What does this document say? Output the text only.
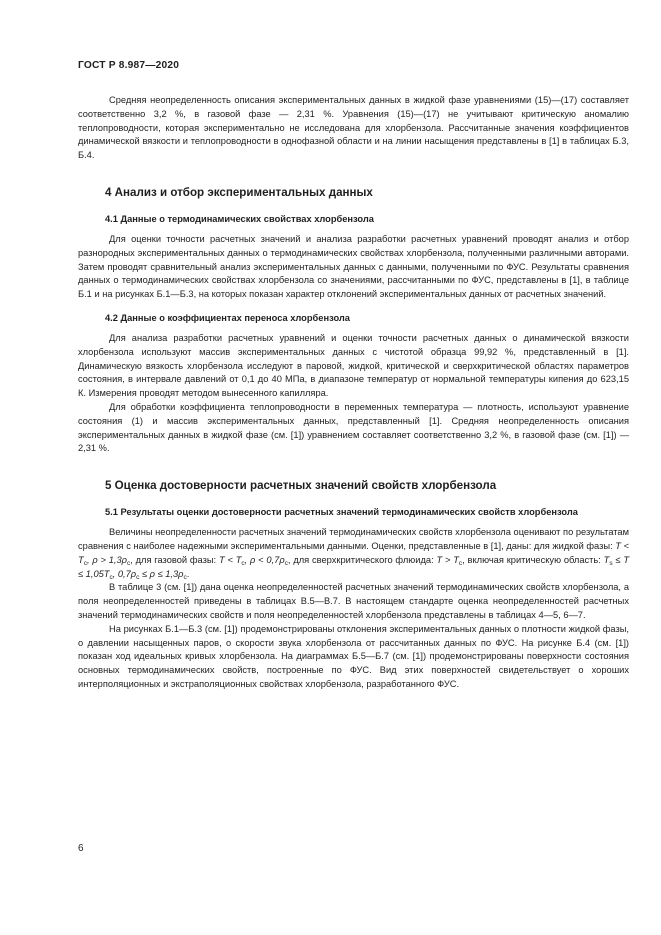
ГОСТ Р 8.987—2020

Средняя неопределенность описания экспериментальных данных в жидкой фазе уравнениями (15)—(17) составляет соответственно 3,2 %, в газовой фазе — 2,31 %. Уравнения (15)—(17) не учитывают критическую аномалию теплопроводности, которая экспериментально не исследована для хлорбензола. Рассчитанные значения коэффициентов динамической вязкости и теплопроводности в однофазной области и на линии насыщения представлены в [1] в таблицах Б.3, Б.4.

4 Анализ и отбор экспериментальных данных
4.1 Данные о термодинамических свойствах хлорбензола

Для оценки точности расчетных значений и анализа разработки расчетных уравнений проводят анализ и отбор разнородных экспериментальных данных о термодинамических свойствах хлорбензола, полученными различными авторами. Затем проводят сравнительный анализ экспериментальных данных с данными, полученными по ФУС. Результаты сравнения данных о термодинамических свойствах хлорбензола со значениями, рассчитанными по ФУС, представлены в [1], в таблице Б.1 и на рисунках Б.1—Б.3, на которых показан характер отклонений экспериментальных данных от расчетных значений.

4.2 Данные о коэффициентах переноса хлорбензола

Для анализа разработки расчетных уравнений и оценки точности расчетных данных о динамической вязкости хлорбензола используют массив экспериментальных данных с чистотой образца 99,92 %, представленный в [1]. Динамическую вязкость хлорбензола исследуют в паровой, жидкой, критической и сверхкритической областях параметров состояния, в интервале давлений от 0,1 до 40 МПа, в диапазоне температур от нормальной температуры кипения до 623,15 К. Измерения проводят методом вынесенного капилляра.

Для обработки коэффициента теплопроводности в переменных температура — плотность, используют уравнение состояния (1) и массив экспериментальных данных, представленный [1]. Средняя неопределенность описания экспериментальных данных в жидкой фазе (см. [1]) уравнением составляет соответственно 3,2 %, в газовой фазе (см. [1]) — 2,31 %.

5 Оценка достоверности расчетных значений свойств хлорбензола
5.1 Результаты оценки достоверности расчетных значений термодинамических свойств хлорбензола

Величины неопределенности расчетных значений термодинамических свойств хлорбензола оценивают по результатам сравнения с наиболее надежными экспериментальными данными. Оценки, представленные в [1], даны: для жидкой фазы: $T < T_c$, $\rho > 1,3\rho_c$, для газовой фазы: $T < T_c$, $\rho < 0,7\rho_c$, для сверхкритического флюида: $T > T_c$, включая критическую область: $T_s \le T \le 1,05T_c$, $0,7\rho_c \le \rho \le 1,3\rho_c$.

В таблице 3 (см. [1]) дана оценка неопределенностей расчетных значений термодинамических свойств хлорбензола, а поля неопределенностей приведены в таблицах В.5—В.7. В настоящем стандарте оценка неопределенностей расчетных значений термодинамических свойств и поля неопределенностей хлорбензола представлены в таблицах 4—5, 6—7.

На рисунках Б.1—Б.3 (см. [1]) продемонстрированы отклонения экспериментальных данных о плотности жидкой фазы, о давлении насыщенных паров, о скорости звука хлорбензола от рассчитанных данных по ФУС. На рисунке Б.4 (см. [1]) показан ход идеальных кривых хлорбензола. На диаграммах Б.5—Б.7 (см. [1]) продемонстрированы поверхности состояния основных термодинамических свойств, построенные по ФУС. Вид этих поверхностей свидетельствует о хороших интерполяционных и экстраполяционных свойствах хлорбензола, разработанного ФУС.

6
